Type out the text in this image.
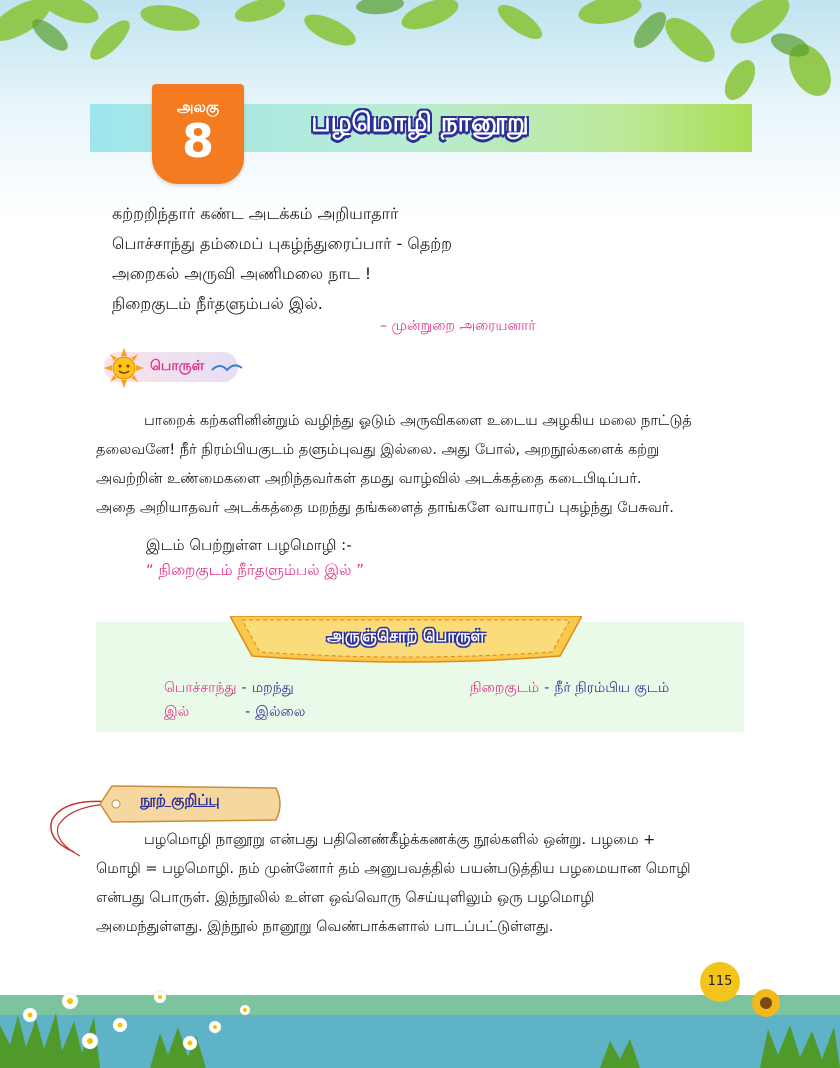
அலகு
8	பழமொழி நானூறு
கற்றறிந்தார் கண்ட அடக்கம் அறியாதார்
பொச்சாந்து தம்மைப் புகழ்ந்துரைப்பார் - தெற்ற
அறைகல் அருவி அணிமலை நாட !
நிறைகுடம் நீர்தளும்பல் இல்.
– முன்றுறை அரையனார்
பொருள்
பாறைக் கற்களினின்றும் வழிந்து ஓடும் அருவிகளை உடைய அழகிய மலை நாட்டுத்
தலைவனே! நீர் நிரம்பியகுடம் தளும்புவது இல்லை. அது போல், அறநூல்களைக் கற்று
அவற்றின் உண்மைகளை அறிந்தவர்கள் தமது வாழ்வில் அடக்கத்தை கடைபிடிப்பர்.
அதை அறியாதவர் அடக்கத்தை மறந்து தங்களைத் தாங்களே வாயாரப் புகழ்ந்து பேசுவர்.
இடம் பெற்றுள்ள பழமொழி :-
“ நிறைகுடம் நீர்தளும்பல் இல் ”
அருஞ்சொற் பொருள்
பொச்சாந்து - மறந்து
இல்	- இல்லை
நிறைகுடம் - நீர் நிரம்பிய குடம்
நூற் குறிப்பு
பழமொழி நானூறு என்பது பதினெண்கீழ்க்கணக்கு நூல்களில் ஒன்று. பழமை +
மொழி = பழமொழி. நம் முன்னோர் தம் அனுபவத்தில் பயன்படுத்திய பழமையான மொழி
என்பது பொருள். இந்நூலில் உள்ள ஒவ்வொரு செய்யுளிலும் ஒரு பழமொழி
அமைந்துள்ளது. இந்நூல் நானூறு வெண்பாக்களால் பாடப்பட்டுள்ளது.
115
